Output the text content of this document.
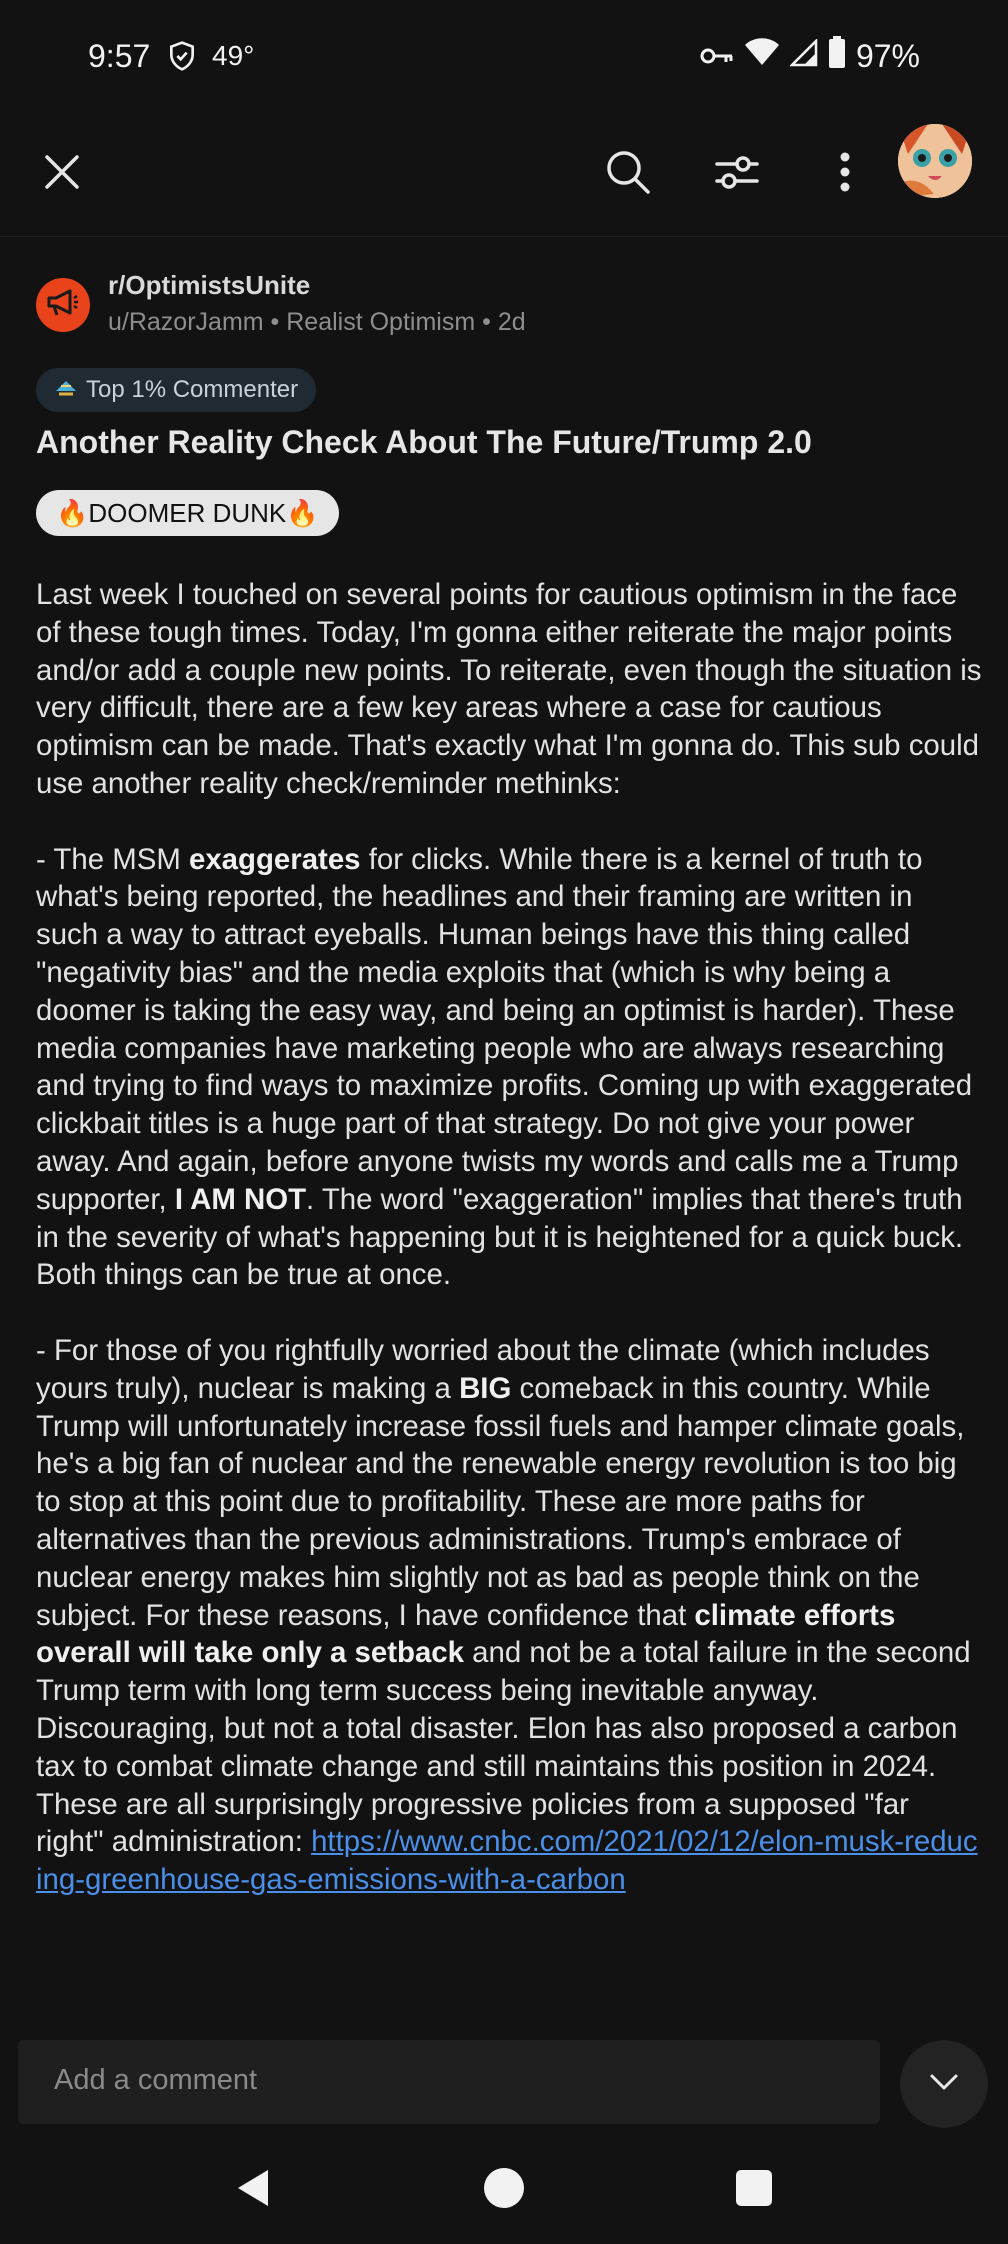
9:57 49°	97%
r/OptimistsUnite
u/RazorJamm • Realist Optimism • 2d
Top 1% Commenter
Another Reality Check About The Future/Trump 2.0
🔥DOOMER DUNK🔥

Last week I touched on several points for cautious optimism in the face of these tough times. Today, I'm gonna either reiterate the major points and/or add a couple new points. To reiterate, even though the situation is very difficult, there are a few key areas where a case for cautious optimism can be made. That's exactly what I'm gonna do. This sub could use another reality check/reminder methinks:

- The MSM exaggerates for clicks. While there is a kernel of truth to what's being reported, the headlines and their framing are written in such a way to attract eyeballs. Human beings have this thing called "negativity bias" and the media exploits that (which is why being a doomer is taking the easy way, and being an optimist is harder). These media companies have marketing people who are always researching and trying to find ways to maximize profits. Coming up with exaggerated clickbait titles is a huge part of that strategy. Do not give your power away. And again, before anyone twists my words and calls me a Trump supporter, I AM NOT. The word "exaggeration" implies that there's truth in the severity of what's happening but it is heightened for a quick buck. Both things can be true at once.

- For those of you rightfully worried about the climate (which includes yours truly), nuclear is making a BIG comeback in this country. While Trump will unfortunately increase fossil fuels and hamper climate goals, he's a big fan of nuclear and the renewable energy revolution is too big to stop at this point due to profitability. These are more paths for alternatives than the previous administrations. Trump's embrace of nuclear energy makes him slightly not as bad as people think on the subject. For these reasons, I have confidence that climate efforts overall will take only a setback and not be a total failure in the second Trump term with long term success being inevitable anyway. Discouraging, but not a total disaster. Elon has also proposed a carbon tax to combat climate change and still maintains this position in 2024. These are all surprisingly progressive policies from a supposed "far right" administration: https://www.cnbc.com/2021/02/12/elon-musk-reducing-greenhouse-gas-emissions-with-a-carbon

Add a comment
